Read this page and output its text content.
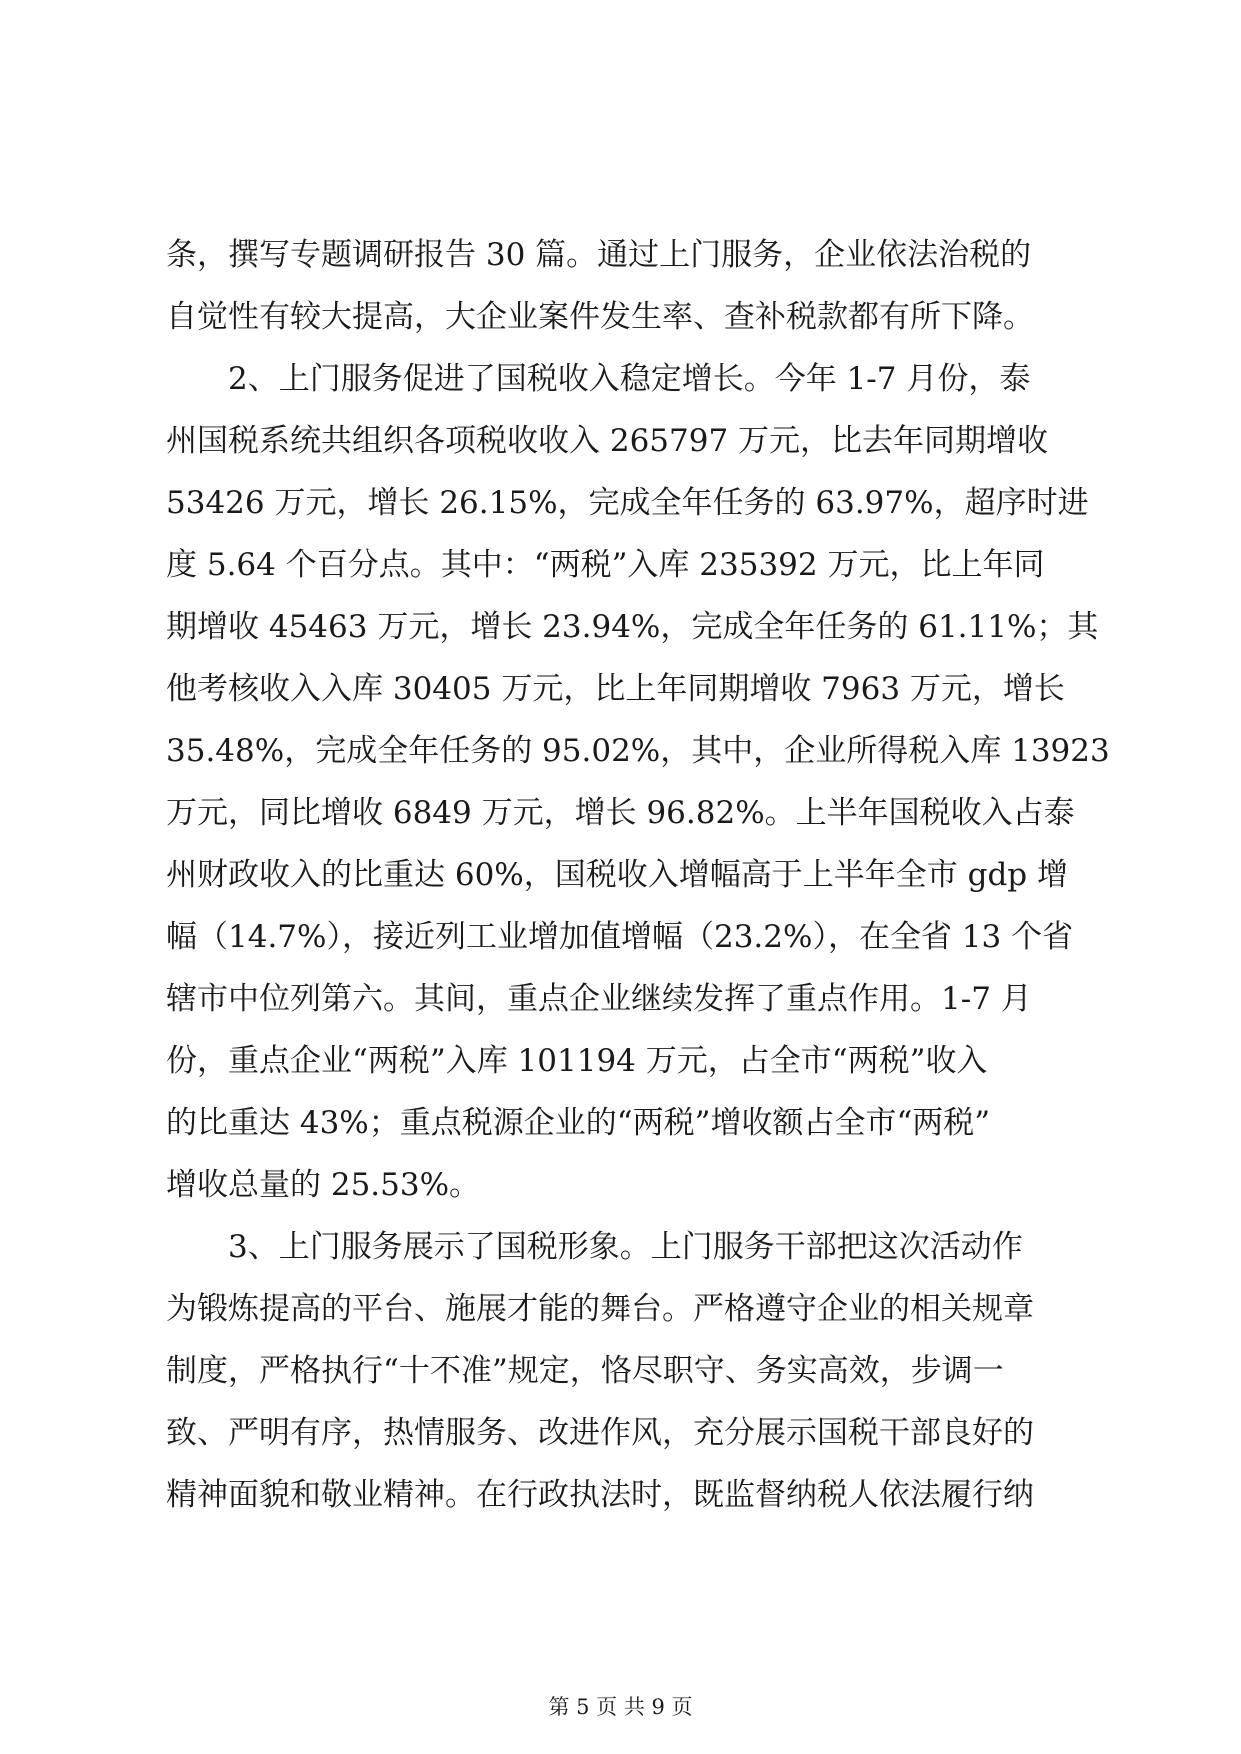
条，撰写专题调研报告 30 篇。通过上门服务，企业依法治税的
自觉性有较大提高，大企业案件发生率、查补税款都有所下降。
2、上门服务促进了国税收入稳定增长。今年 1-7 月份，泰
州国税系统共组织各项税收收入 265797 万元，比去年同期增收
53426 万元，增长 26.15%，完成全年任务的 63.97%，超序时进
度 5.64 个百分点。其中：“两税”入库 235392 万元，比上年同
期增收 45463 万元，增长 23.94%，完成全年任务的 61.11%；其
他考核收入入库 30405 万元，比上年同期增收 7963 万元，增长
35.48%，完成全年任务的 95.02%，其中，企业所得税入库 13923
万元，同比增收 6849 万元，增长 96.82%。上半年国税收入占泰
州财政收入的比重达 60%，国税收入增幅高于上半年全市 gdp 增
幅（14.7%），接近列工业增加值增幅（23.2%），在全省 13 个省
辖市中位列第六。其间，重点企业继续发挥了重点作用。1-7 月
份，重点企业“两税”入库 101194 万元，占全市“两税”收入
的比重达 43%；重点税源企业的“两税”增收额占全市“两税”
增收总量的 25.53%。
3、上门服务展示了国税形象。上门服务干部把这次活动作
为锻炼提高的平台、施展才能的舞台。严格遵守企业的相关规章
制度，严格执行“十不准”规定，恪尽职守、务实高效，步调一
致、严明有序，热情服务、改进作风，充分展示国税干部良好的
精神面貌和敬业精神。在行政执法时，既监督纳税人依法履行纳
第 5 页 共 9 页
